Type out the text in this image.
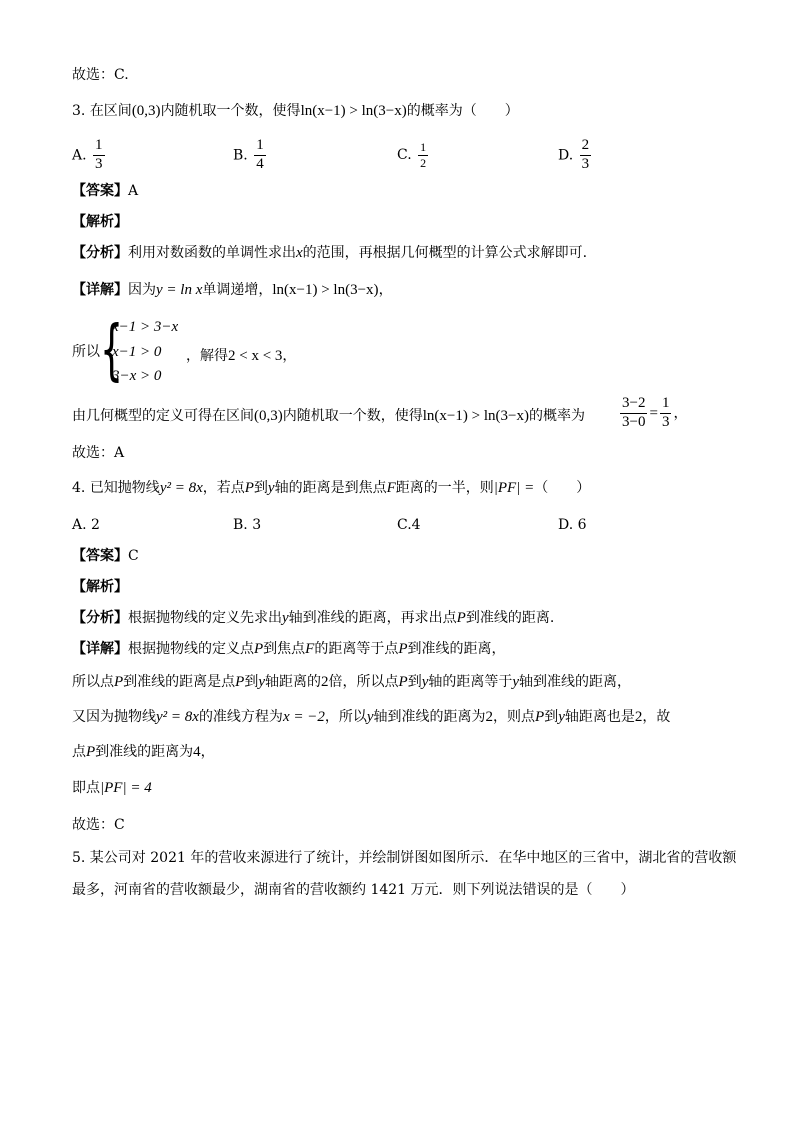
故选：C.
3. 在区间(0,3)内随机取一个数，使得ln(x−1) > ln(3−x)的概率为（　　）
A. $\frac{1}{3}$	B. $\frac{1}{4}$	C. $\frac{1}{2}$	D. $\frac{2}{3}$
【答案】A
【解析】
【分析】利用对数函数的单调性求出x的范围，再根据几何概型的计算公式求解即可.
【详解】因为y = ln x单调递增，ln(x−1) > ln(3−x)，
所以 {
x−1 > 3−x
x−1 > 0
3−x > 0
，解得2 < x < 3，
由几何概型的定义可得在区间(0,3)内随机取一个数，使得ln(x−1) > ln(3−x)的概率为 $\frac{3-2}{3-0} = \frac{1}{3}$ ，
故选：A
4. 已知抛物线y² = 8x，若点P到y轴的距离是到焦点F距离的一半，则|PF| =（　　）
A. 2	B. 3	C.4	D. 6
【答案】C
【解析】
【分析】根据抛物线的定义先求出y轴到准线的距离，再求出点P到准线的距离.
【详解】根据抛物线的定义点P到焦点F的距离等于点P到准线的距离，
所以点P到准线的距离是点P到y轴距离的2倍，所以点P到y轴的距离等于y轴到准线的距离，
又因为抛物线y² = 8x的准线方程为x = −2，所以y轴到准线的距离为2，则点P到y轴距离也是2，故
点P到准线的距离为4，
即点|PF| = 4
故选：C
5. 某公司对 2021 年的营收来源进行了统计，并绘制饼图如图所示．在华中地区的三省中，湖北省的营收额
最多，河南省的营收额最少，湖南省的营收额约 1421 万元．则下列说法错误的是（　　）
